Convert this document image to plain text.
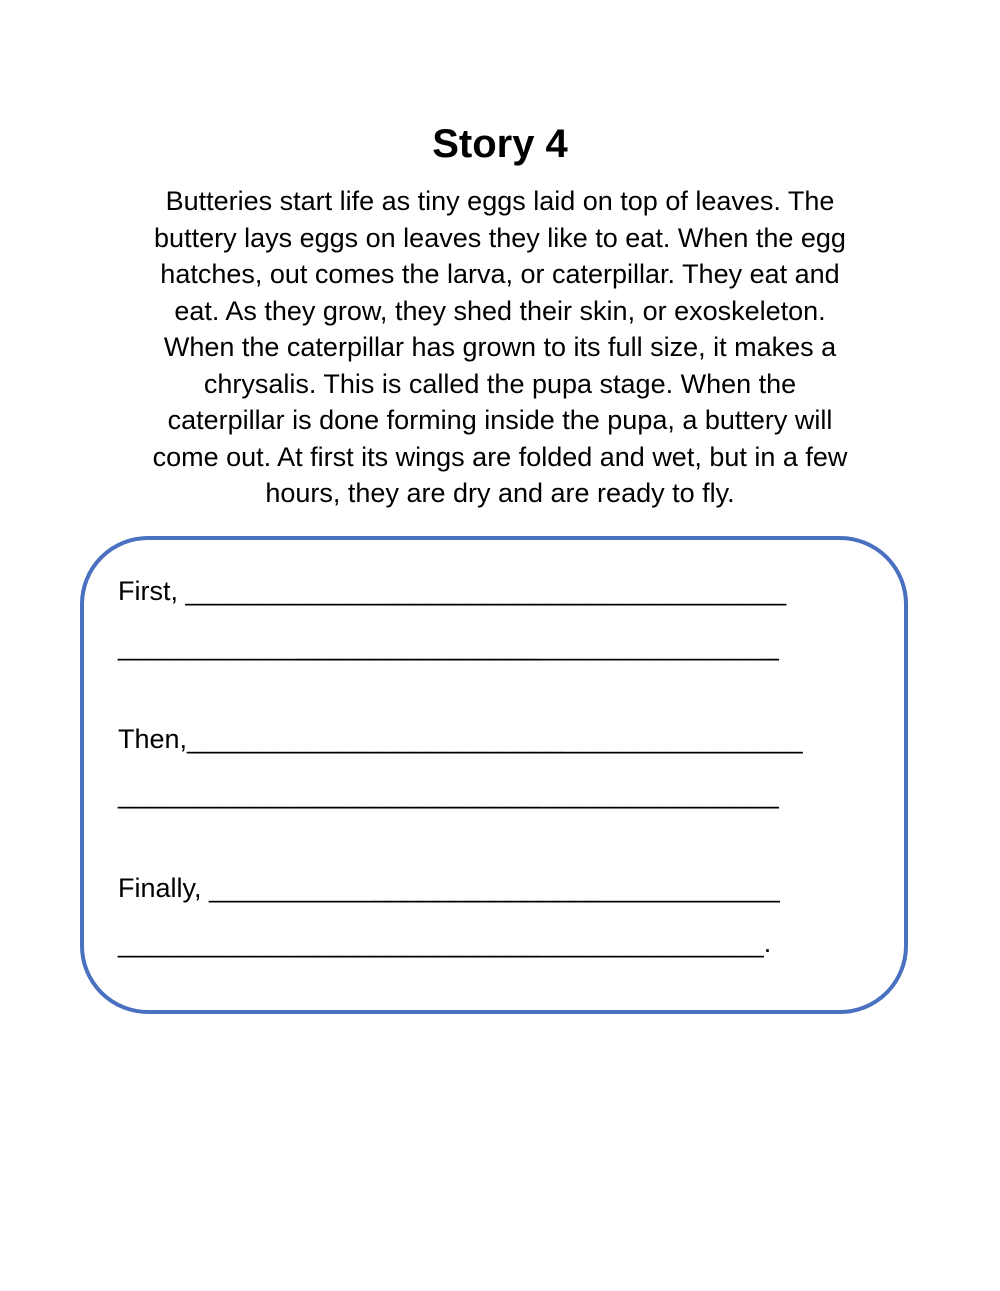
Story 4
Butteries start life as tiny eggs laid on top of leaves. The
buttery lays eggs on leaves they like to eat. When the egg
hatches, out comes the larva, or caterpillar. They eat and
eat. As they grow, they shed their skin, or exoskeleton.
When the caterpillar has grown to its full size, it makes a
chrysalis. This is called the pupa stage. When the
caterpillar is done forming inside the pupa, a buttery will
come out. At first its wings are folded and wet, but in a few
hours, they are dry and are ready to fly.
First, ________________________________________
____________________________________________
Then,_________________________________________
____________________________________________
Finally, ______________________________________
___________________________________________.
